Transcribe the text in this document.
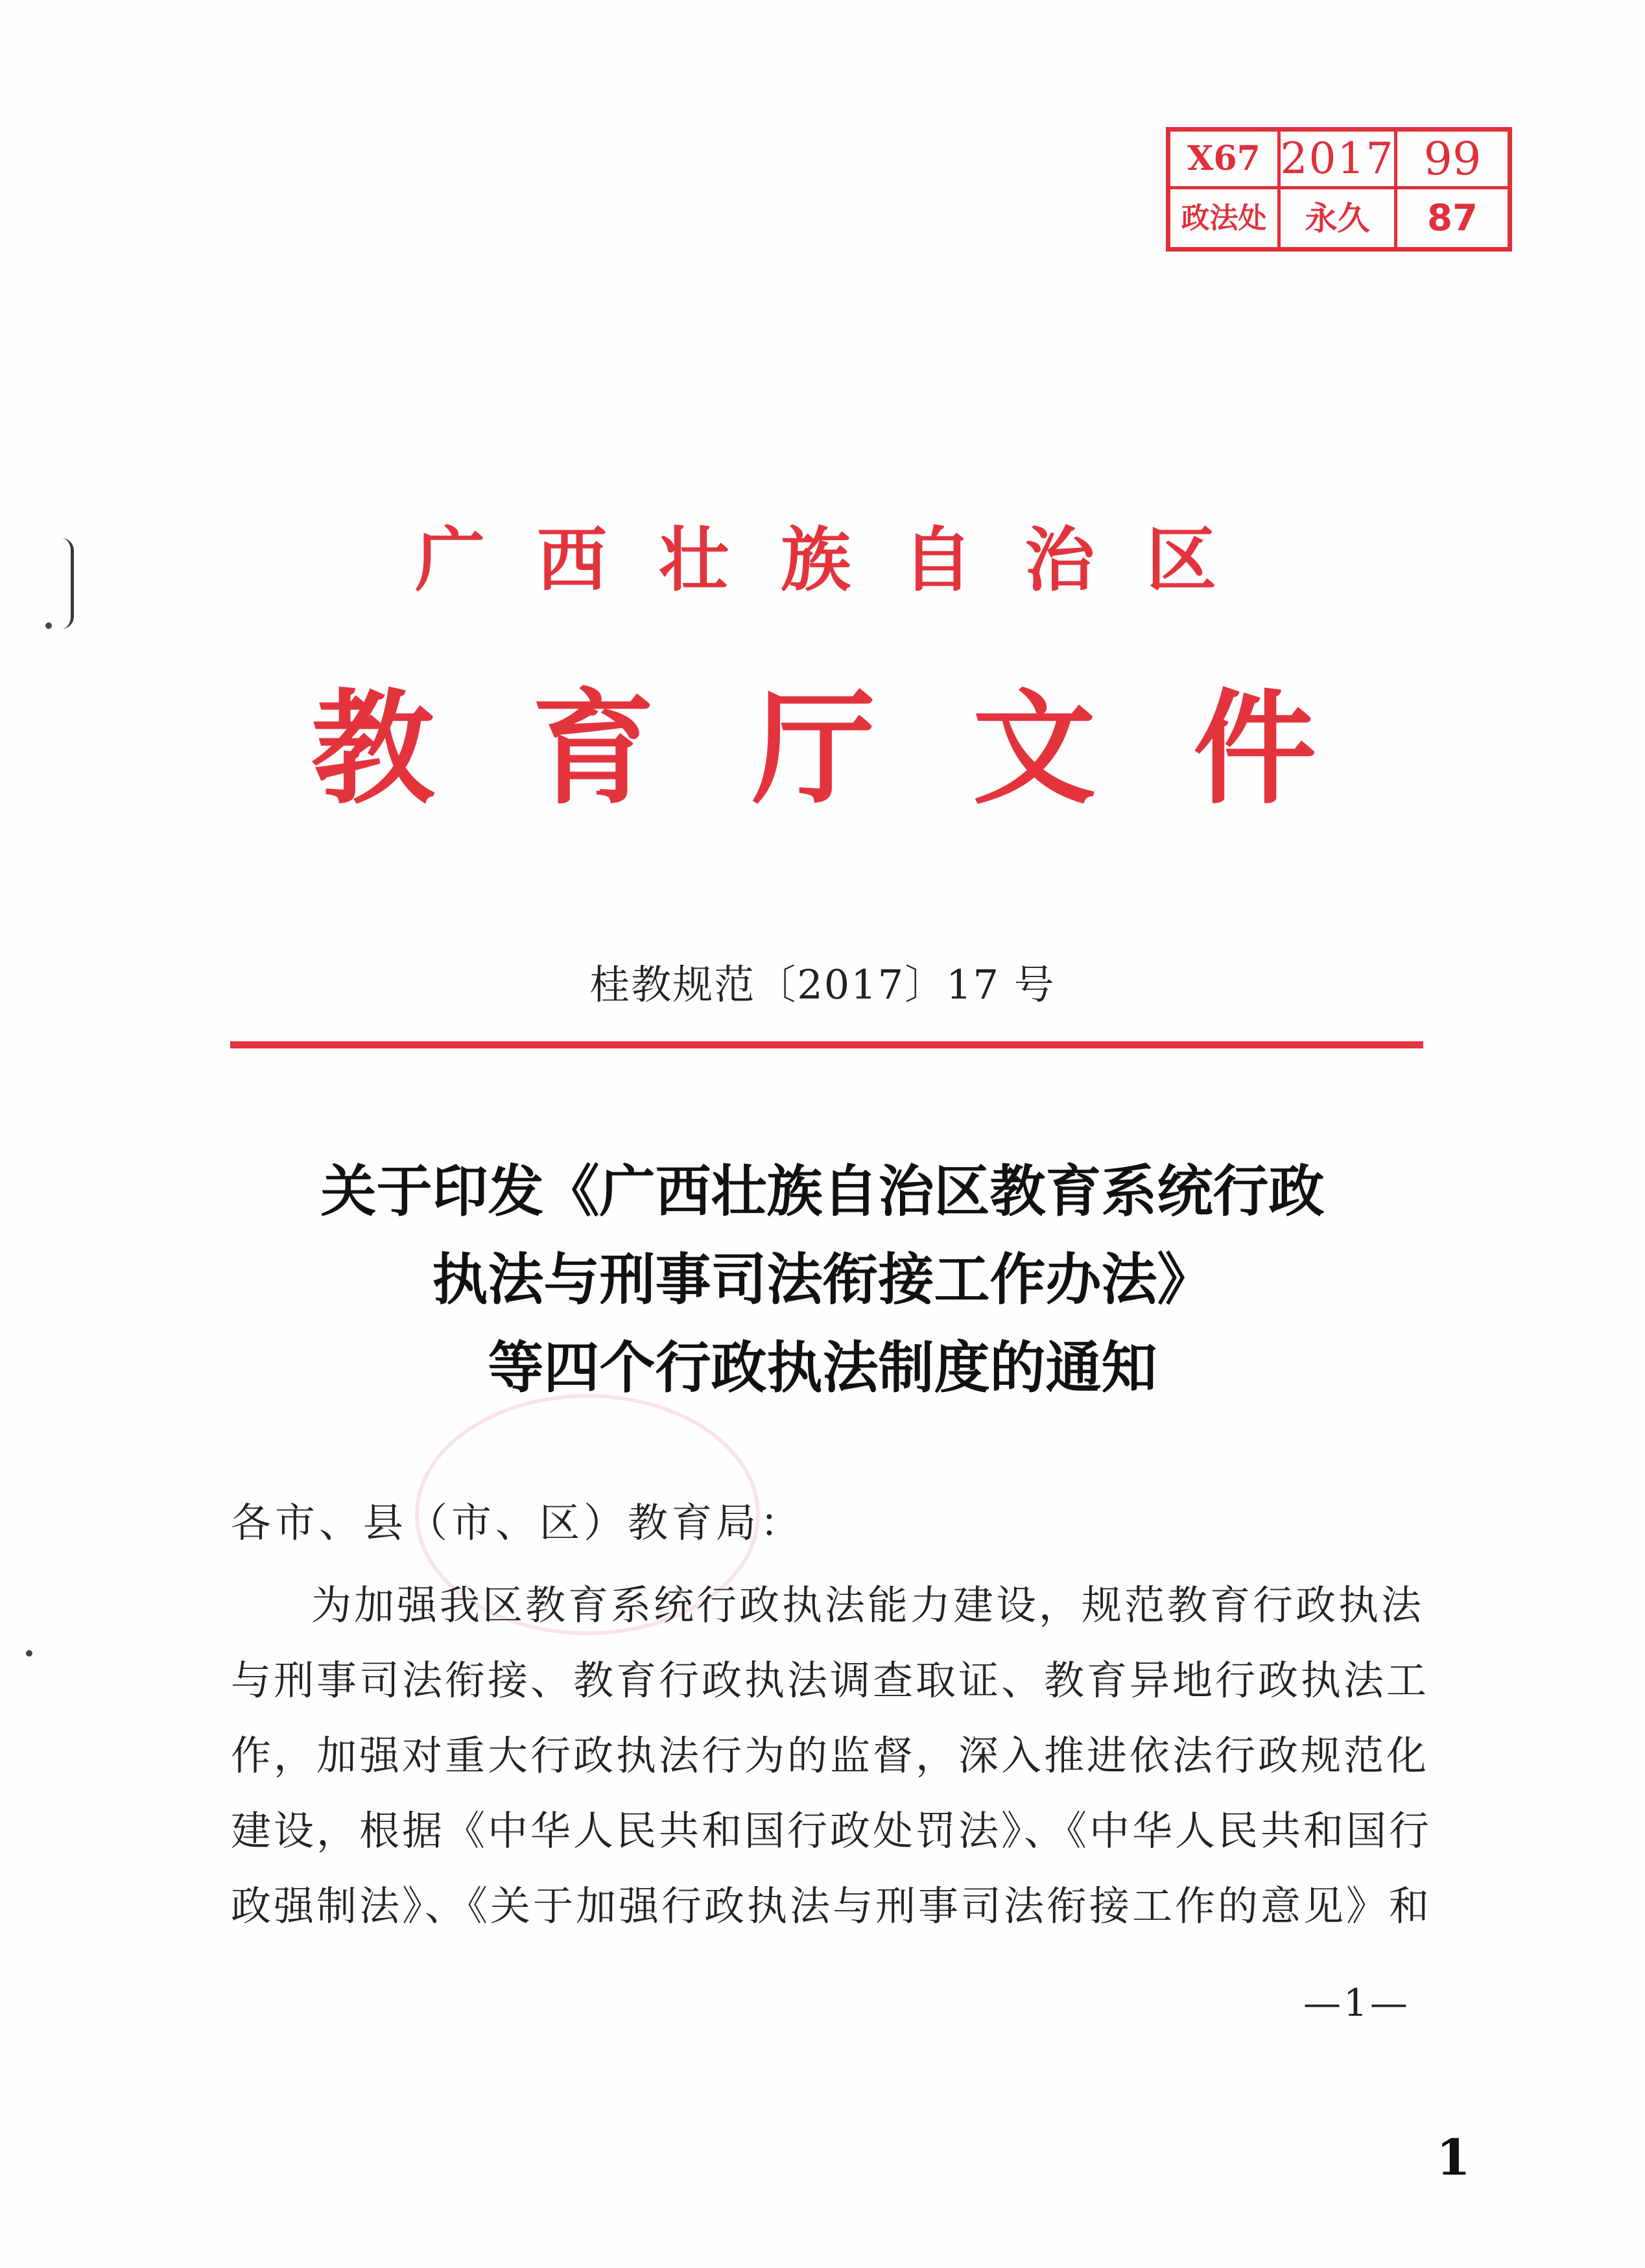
X67 2017 99
政法处	永久	87
广西壮族自治区
教育厅文件
桂教规范〔2017〕17 号
关于印发《广西壮族自治区教育系统行政
执法与刑事司法衔接工作办法》
等四个行政执法制度的通知
各市、县（市、区）教育局：
为加强我区教育系统行政执法能力建设，规范教育行政执法
与刑事司法衔接、教育行政执法调查取证、教育异地行政执法工
作，加强对重大行政执法行为的监督，深入推进依法行政规范化
建设，根据《中华人民共和国行政处罚法》、《中华人民共和国行
政强制法》、《关于加强行政执法与刑事司法衔接工作的意见》和
—1—
1
